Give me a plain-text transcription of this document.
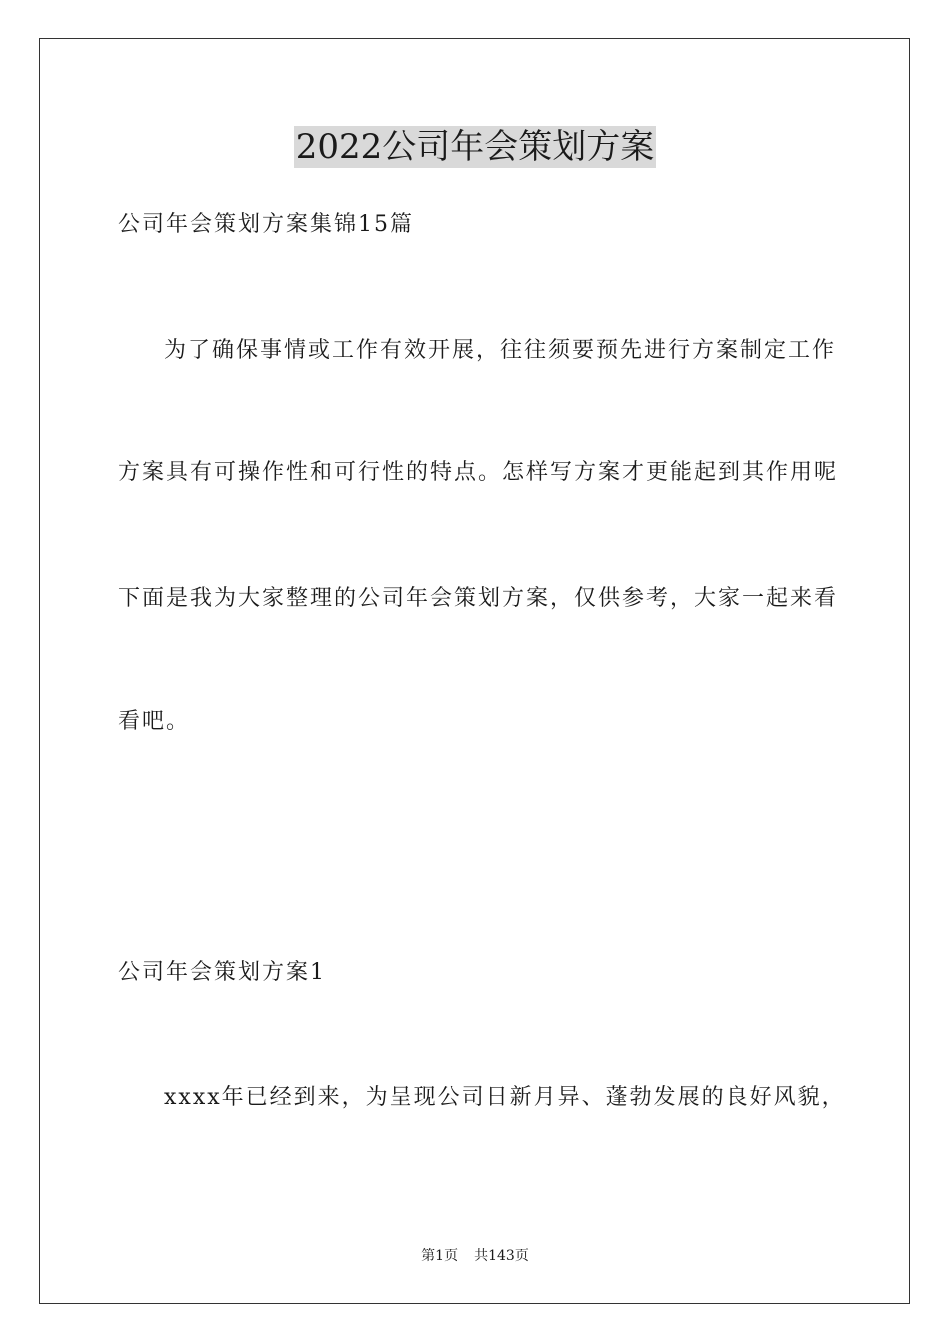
2022公司年会策划方案
公司年会策划方案集锦15篇
为了确保事情或工作有效开展，往往须要预先进行方案制定工作
方案具有可操作性和可行性的特点。怎样写方案才更能起到其作用呢
下面是我为大家整理的公司年会策划方案，仅供参考，大家一起来看
看吧。
公司年会策划方案1
xxxx年已经到来，为呈现公司日新月异、蓬勃发展的良好风貌，
第1页 共143页
